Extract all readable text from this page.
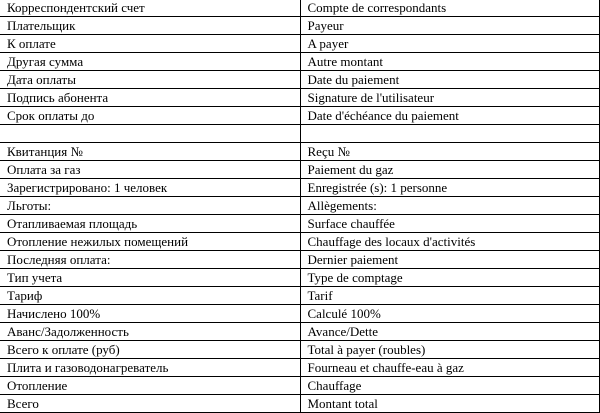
Корреспондентский счет	Compte de correspondants
Плательщик	Payeur
К оплате	A payer
Другая сумма	Autre montant
Дата оплаты	Date du paiement
Подпись абонента	Signature de l'utilisateur
Срок оплаты до	Date d'échéance du paiement

Квитанция №	Reçu №
Оплата за газ	Paiement du gaz
Зарегистрировано: 1 человек	Enregistrée (s): 1 personne
Льготы:	Allègements:
Отапливаемая площадь	Surface chauffée
Отопление нежилых помещений	Chauffage des locaux d'activités
Последняя оплата:	Dernier paiement
Тип учета	Type de comptage
Тариф	Tarif
Начислено 100%	Calculé 100%
Аванс/Задолженность	Avance/Dette
Всего к оплате (руб)	Total à payer (roubles)
Плита и газоводонагреватель	Fourneau et chauffe-eau à gaz
Отопление	Chauffage
Всего	Montant total
